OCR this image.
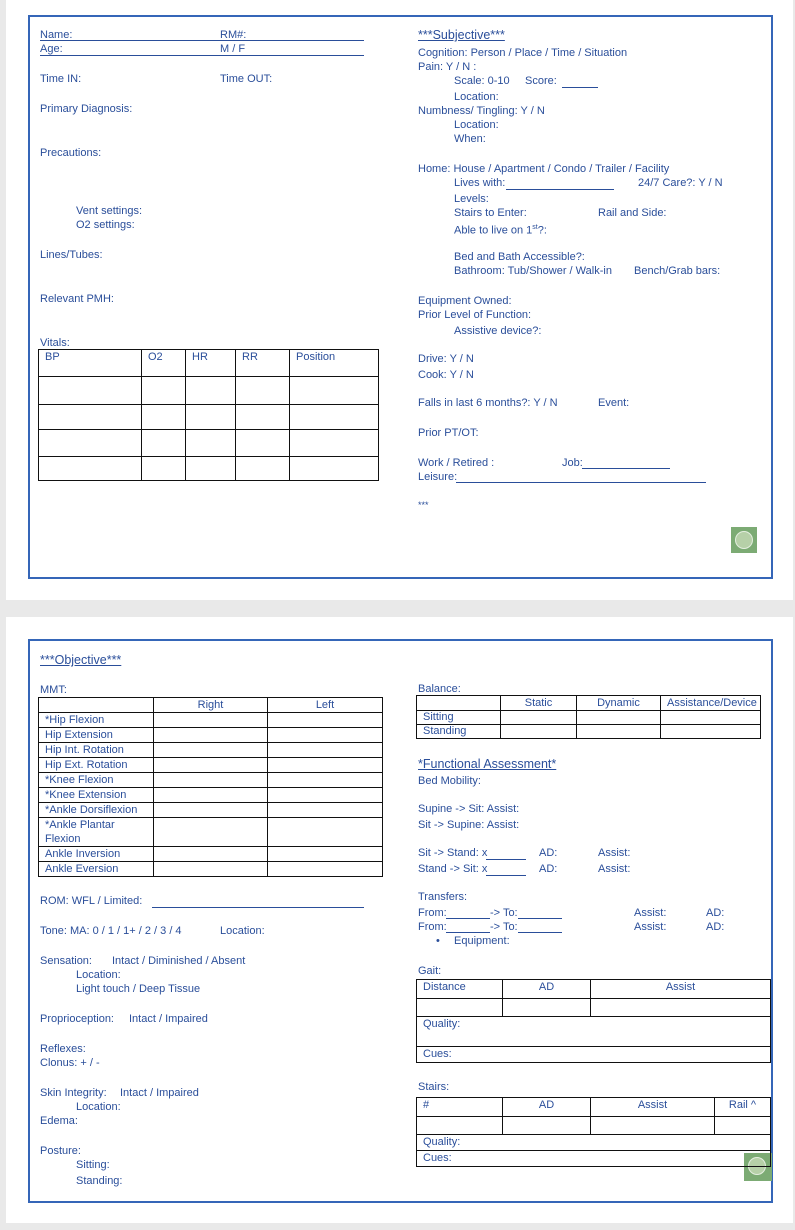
Name:	RM#:
Age:	M / F
Time IN:	Time OUT:
Primary Diagnosis:
Precautions:
Vent settings:
O2 settings:
Lines/Tubes:
Relevant PMH:
Vitals:
BP	O2	HR	RR	Position

***Subjective***
Cognition: Person / Place / Time / Situation
Pain: Y / N :
Scale: 0-10 Score:
Location:
Numbness/ Tingling: Y / N
Location:
When:
Home: House / Apartment / Condo / Trailer / Facility
Lives with:	24/7 Care?: Y / N
Levels:
Stairs to Enter:	Rail and Side:
Able to live on 1st?:
Bed and Bath Accessible?:
Bathroom: Tub/Shower / Walk-in Bench/Grab bars:
Equipment Owned:
Prior Level of Function:
Assistive device?:
Drive: Y / N
Cook: Y / N
Falls in last 6 months?: Y / N	Event:
Prior PT/OT:
Work / Retired :	Job:
Leisure:
***
***Objective***
MMT:
	Right	Left
*Hip Flexion		
Hip Extension		
Hip Int. Rotation		
Hip Ext. Rotation		
*Knee Flexion		
*Knee Extension		
*Ankle Dorsiflexion		
*Ankle Plantar Flexion		
Ankle Inversion		
Ankle Eversion		
ROM: WFL / Limited:
Tone: MA: 0 / 1 / 1+ / 2 / 3 / 4	Location:
Sensation: Intact / Diminished / Absent
Location:
Light touch / Deep Tissue
Proprioception: Intact / Impaired
Reflexes:
Clonus: + / -
Skin Integrity: Intact / Impaired
Location:
Edema:
Posture:
Sitting:
Standing:
Balance:
	Static	Dynamic	Assistance/Device
Sitting			
Standing			
*Functional Assessment*
Bed Mobility:
Supine -> Sit: Assist:
Sit -> Supine: Assist:
Sit -> Stand: x	AD:	Assist:
Stand -> Sit: x	AD:	Assist:
Transfers:
From:	-> To:	Assist:	AD:
From:	-> To:	Assist:	AD:
• Equipment:
Gait:
Distance	AD	Assist

Quality:		
Cues:		
Stairs:
#	AD	Assist	Rail ^

Quality:			
Cues:			
